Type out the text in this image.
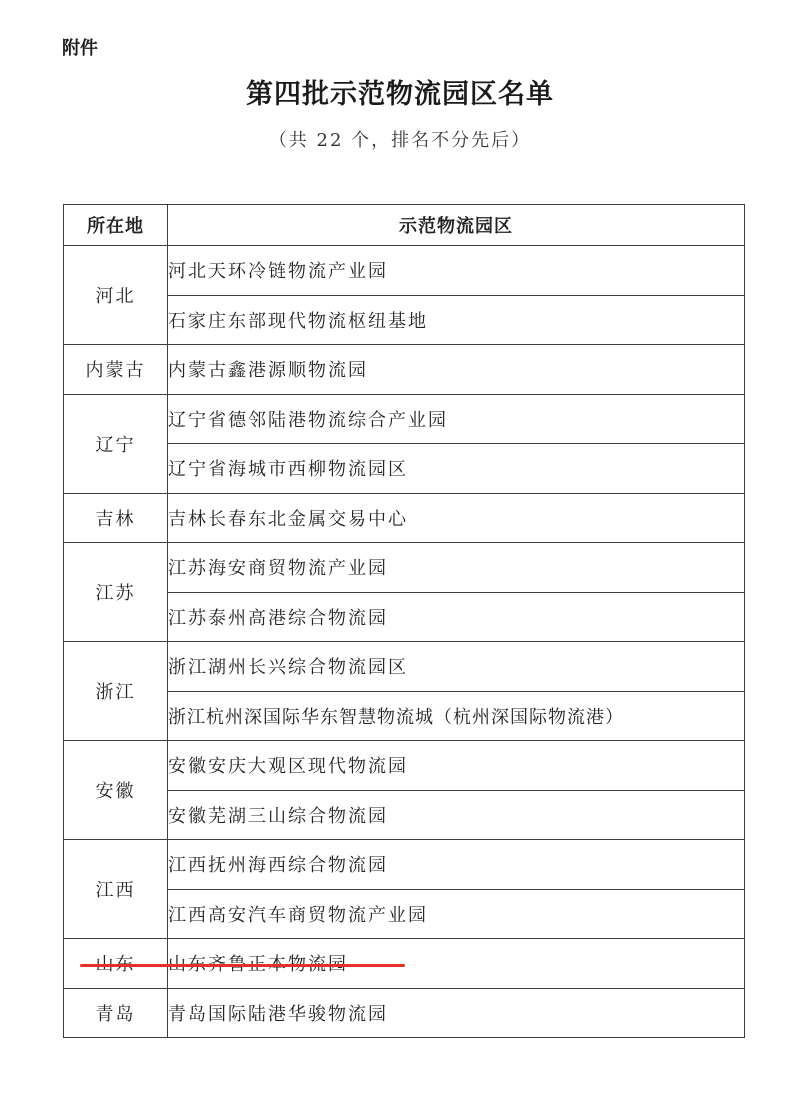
附件
第四批示范物流园区名单
（共 22 个，排名不分先后）
所在地	示范物流园区
河北	河北天环冷链物流产业园
	石家庄东部现代物流枢纽基地
内蒙古	内蒙古鑫港源顺物流园
辽宁	辽宁省德邻陆港物流综合产业园
	辽宁省海城市西柳物流园区
吉林	吉林长春东北金属交易中心
江苏	江苏海安商贸物流产业园
	江苏泰州高港综合物流园
浙江	浙江湖州长兴综合物流园区
	浙江杭州深国际华东智慧物流城（杭州深国际物流港）
安徽	安徽安庆大观区现代物流园
	安徽芜湖三山综合物流园
江西	江西抚州海西综合物流园
	江西高安汽车商贸物流产业园
山东	山东齐鲁正本物流园
青岛	青岛国际陆港华骏物流园
